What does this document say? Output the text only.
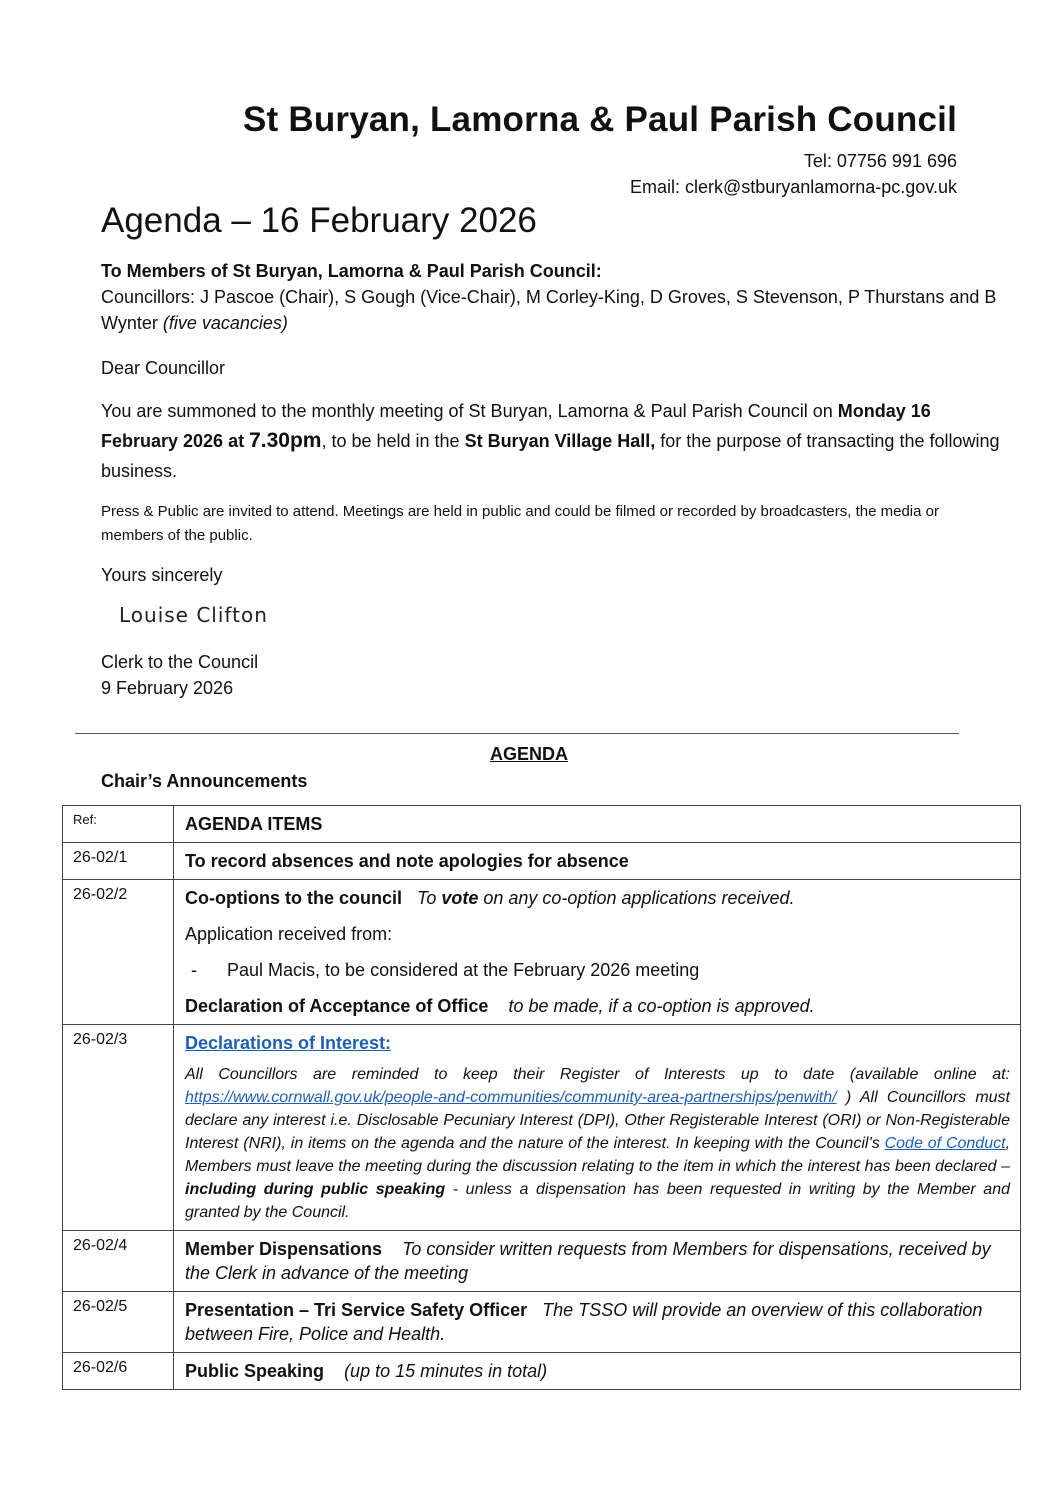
St Buryan, Lamorna & Paul Parish Council
Tel: 07756 991 696
Email: clerk@stburyanlamorna-pc.gov.uk
Agenda – 16 February 2026
To Members of St Buryan, Lamorna & Paul Parish Council:
Councillors: J Pascoe (Chair), S Gough (Vice-Chair), M Corley-King, D Groves, S Stevenson, P Thurstans and B Wynter (five vacancies)
Dear Councillor
You are summoned to the monthly meeting of St Buryan, Lamorna & Paul Parish Council on Monday 16 February 2026 at 7.30pm, to be held in the St Buryan Village Hall, for the purpose of transacting the following business.
Press & Public are invited to attend. Meetings are held in public and could be filmed or recorded by broadcasters, the media or members of the public.
Yours sincerely
Louise Clifton
Clerk to the Council
9 February 2026
AGENDA
Chair’s Announcements
Ref:	AGENDA ITEMS
26-02/1	To record absences and note apologies for absence
26-02/2	Co-options to the council To vote on any co-option applications received.
Application received from:
- Paul Macis, to be considered at the February 2026 meeting
Declaration of Acceptance of Office to be made, if a co-option is approved.

26-02/3	Declarations of Interest:
All Councillors are reminded to keep their Register of Interests up to date (available online at: https://www.cornwall.gov.uk/people-and-communities/community-area-partnerships/penwith/ ) All Councillors must declare any interest i.e. Disclosable Pecuniary Interest (DPI), Other Registerable Interest (ORI) or Non-Registerable Interest (NRI), in items on the agenda and the nature of the interest. In keeping with the Council’s Code of Conduct, Members must leave the meeting during the discussion relating to the item in which the interest has been declared – including during public speaking - unless a dispensation has been requested in writing by the Member and granted by the Council.

26-02/4	Member Dispensations To consider written requests from Members for dispensations, received by the Clerk in advance of the meeting
26-02/5	Presentation – Tri Service Safety Officer The TSSO will provide an overview of this collaboration between Fire, Police and Health.
26-02/6	Public Speaking (up to 15 minutes in total)
